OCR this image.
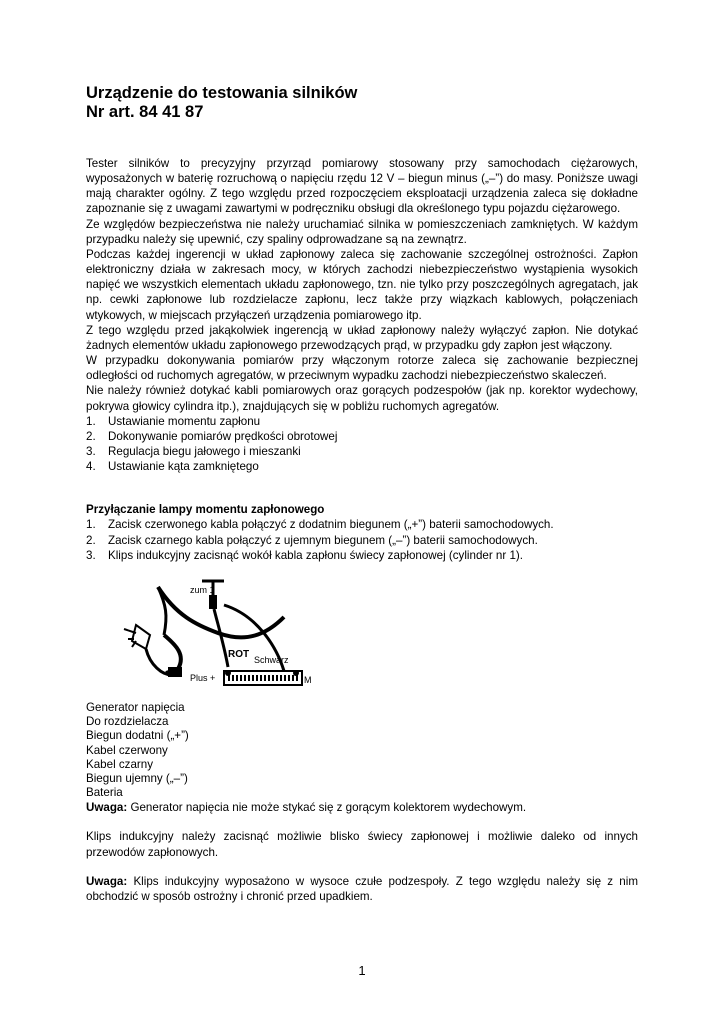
Urządzenie do testowania silników
Nr art. 84 41 87

Tester silników to precyzyjny przyrząd pomiarowy stosowany przy samochodach ciężarowych, wyposażonych w baterię rozruchową o napięciu rzędu 12 V – biegun minus („–”) do masy. Poniższe uwagi mają charakter ogólny. Z tego względu przed rozpoczęciem eksploatacji urządzenia zaleca się dokładne zapoznanie się z uwagami zawartymi w podręczniku obsługi dla określonego typu pojazdu ciężarowego.

Ze względów bezpieczeństwa nie należy uruchamiać silnika w pomieszczeniach zamkniętych. W każdym przypadku należy się upewnić, czy spaliny odprowadzane są na zewnątrz.

Podczas każdej ingerencji w układ zapłonowy zaleca się zachowanie szczególnej ostrożności. Zapłon elektroniczny działa w zakresach mocy, w których zachodzi niebezpieczeństwo wystąpienia wysokich napięć we wszystkich elementach układu zapłonowego, tzn. nie tylko przy poszczególnych agregatach, jak np. cewki zapłonowe lub rozdzielacze zapłonu, lecz także przy wiązkach kablowych, połączeniach wtykowych, w miejscach przyłączeń urządzenia pomiarowego itp.

Z tego względu przed jakąkolwiek ingerencją w układ zapłonowy należy wyłączyć zapłon. Nie dotykać żadnych elementów układu zapłonowego przewodzących prąd, w przypadku gdy zapłon jest włączony.

W przypadku dokonywania pomiarów przy włączonym rotorze zaleca się zachowanie bezpiecznej odległości od ruchomych agregatów, w przeciwnym wypadku zachodzi niebezpieczeństwo skaleczeń.

Nie należy również dotykać kabli pomiarowych oraz gorących podzespołów (jak np. korektor wydechowy, pokrywa głowicy cylindra itp.), znajdujących się w pobliżu ruchomych agregatów.

1.	Ustawianie momentu zapłonu
2.	Dokonywanie pomiarów prędkości obrotowej
3.	Regulacja biegu jałowego i mieszanki
4.	Ustawianie kąta zamkniętego
Przyłączanie lampy momentu zapłonowego
1.	Zacisk czerwonego kabla połączyć z dodatnim biegunem („+”) baterii samochodowych.
2.	Zacisk czarnego kabla połączyć z ujemnym biegunem („–”) baterii samochodowych.
3.	Klips indukcyjny zacisnąć wokół kabla zapłonu świecy zapłonowej (cylinder nr 1).
zum 1
ROT Schwarz
Plus +	M
Generator napięcia
Do rozdzielacza
Biegun dodatni („+”)
Kabel czerwony
Kabel czarny
Biegun ujemny („–”)
Bateria

Uwaga: Generator napięcia nie może stykać się z gorącym kolektorem wydechowym.

Klips indukcyjny należy zacisnąć możliwie blisko świecy zapłonowej i możliwie daleko od innych przewodów zapłonowych.

Uwaga: Klips indukcyjny wyposażono w wysoce czułe podzespoły. Z tego względu należy się z nim obchodzić w sposób ostrożny i chronić przed upadkiem.

1
